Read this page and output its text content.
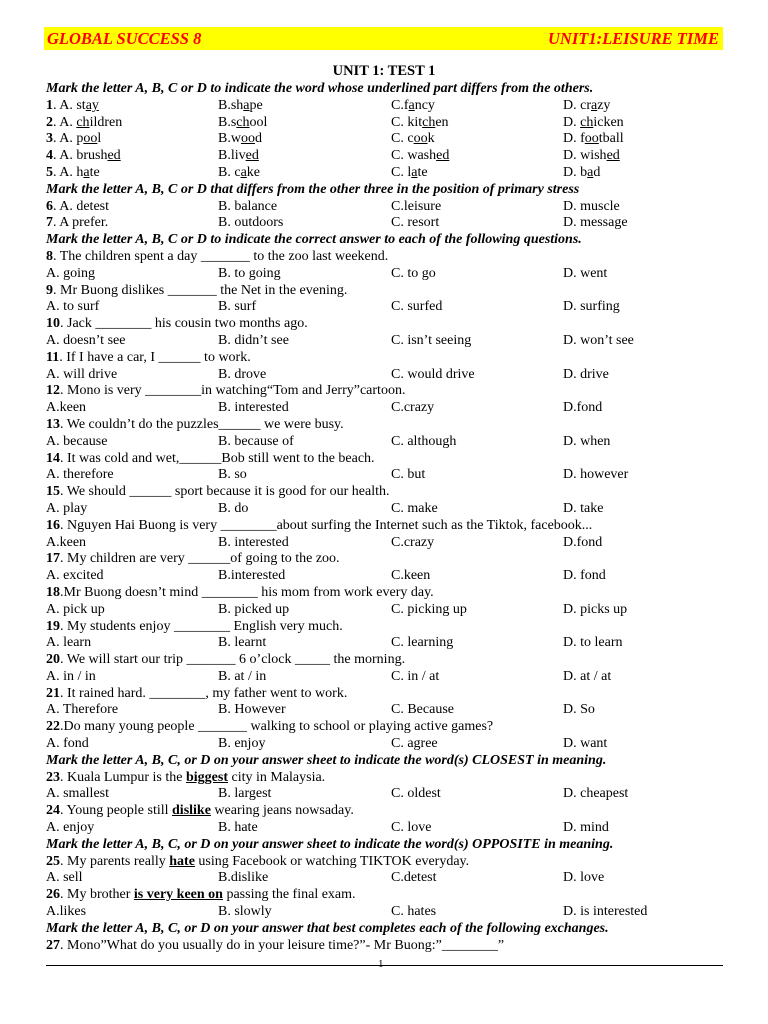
GLOBAL SUCCESS 8	UNIT1:LEISURE TIME
UNIT 1: TEST 1
Mark the letter A, B, C or D to indicate the word whose underlined part differs from the others.
1. A. stay	B.shape	C.fancy	D. crazy
2. A. children	B.school	C. kitchen	D. chicken
3. A. pool	B.wood	C. cook	D. football
4. A. brushed	B.lived	C. washed	D. wished
5. A. hate	B. cake	C. late	D. bad
Mark the letter A, B, C or D that differs from the other three in the position of primary stress
6. A. detest	B. balance	C.leisure	D. muscle
7. A prefer.	B. outdoors	C. resort	D. message
Mark the letter A, B, C or D to indicate the correct answer to each of the following questions.
8. The children spent a day _______ to the zoo last weekend.
A. going	B. to going	C. to go	D. went
9. Mr Buong dislikes _______ the Net in the evening.
A. to surf	B. surf	C. surfed	D. surfing
10. Jack ________ his cousin two months ago.
A. doesn’t see	B. didn’t see	C. isn’t seeing	D. won’t see
11. If I have a car, I ______ to work.
A. will drive	B. drove	C. would drive	D. drive
12. Mono is very ________in watching“Tom and Jerry”cartoon.
A.keen	B. interested	C.crazy	D.fond
13. We couldn’t do the puzzles______ we were busy.
A. because	B. because of	C. although	D. when
14. It was cold and wet,______Bob still went to the beach.
A. therefore	B. so	C. but	D. however
15. We should ______ sport because it is good for our health.
A. play	B. do	C. make	D. take
16. Nguyen Hai Buong is very ________about surfing the Internet such as the Tiktok, facebook...
A.keen	B. interested	C.crazy	D.fond
17. My children are very ______of going to the zoo.
A. excited	B.interested	C.keen	D. fond
18.Mr Buong doesn’t mind ________ his mom from work every day.
A. pick up	B. picked up	C. picking up	D. picks up
19. My students enjoy ________ English very much.
A. learn	B. learnt	C. learning	D. to learn
20. We will start our trip _______ 6 o’clock _____ the morning.
A. in / in	B. at / in	C. in / at	D. at / at
21. It rained hard. ________, my father went to work.
A. Therefore	B. However	C. Because	D. So
22.Do many young people _______ walking to school or playing active games?
A. fond	B. enjoy	C. agree	D. want
Mark the letter A, B, C, or D on your answer sheet to indicate the word(s) CLOSEST in meaning.
23. Kuala Lumpur is the biggest city in Malaysia.
A. smallest	B. largest	C. oldest	D. cheapest
24. Young people still dislike wearing jeans nowsaday.
A. enjoy	B. hate	C. love	D. mind
Mark the letter A, B, C, or D on your answer sheet to indicate the word(s) OPPOSITE in meaning.
25. My parents really hate using Facebook or watching TIKTOK everyday.
A. sell	B.dislike	C.detest	D. love
26. My brother is very keen on passing the final exam.
A.likes	B. slowly	C. hates	D. is interested
Mark the letter A, B, C, or D on your answer that best completes each of the following exchanges.
27. Mono”What do you usually do in your leisure time?”- Mr Buong:”________”
1
